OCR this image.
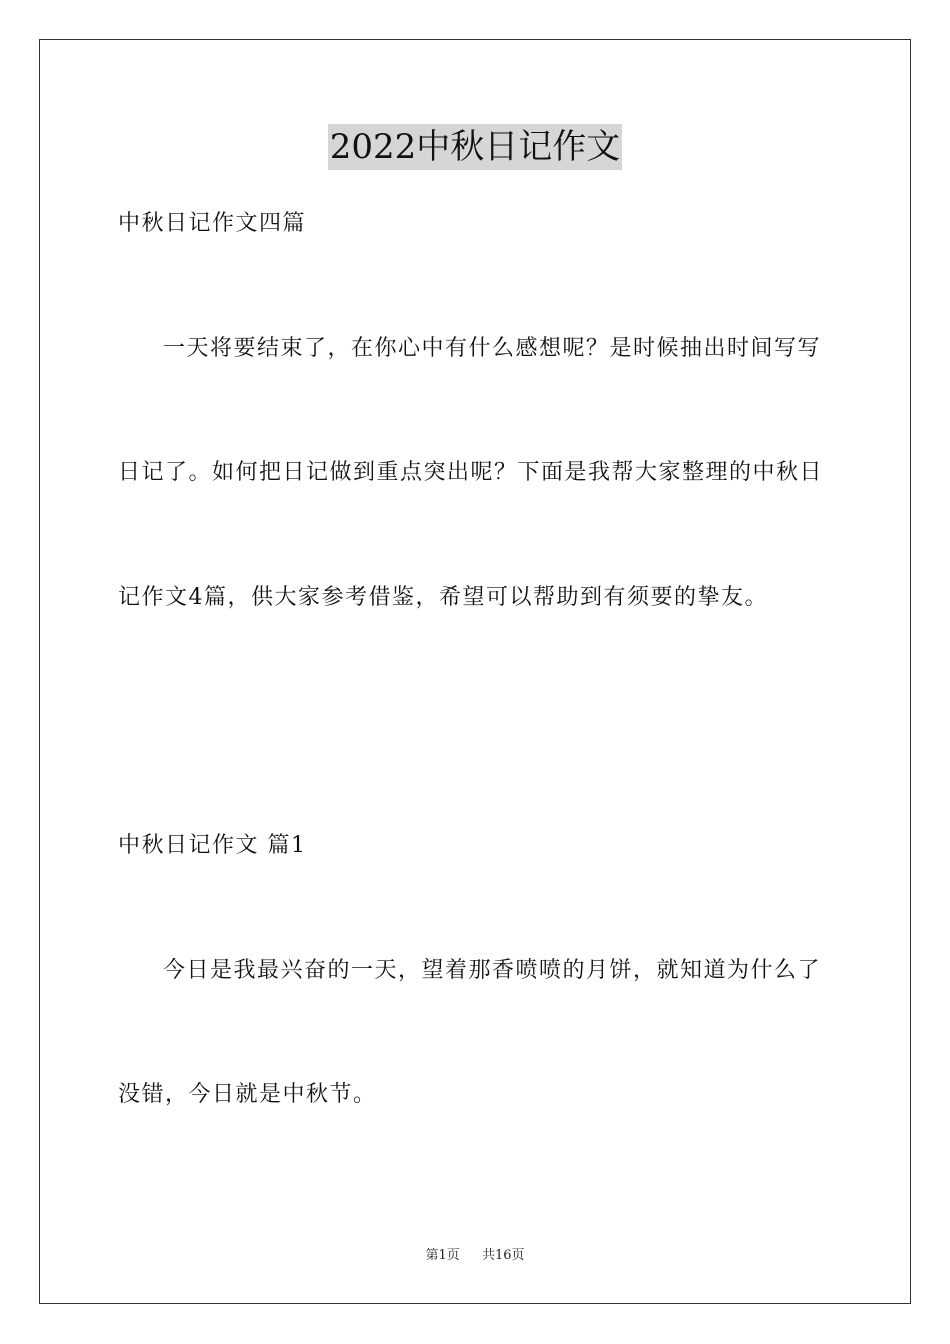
2022中秋日记作文
中秋日记作文四篇
一天将要结束了，在你心中有什么感想呢？是时候抽出时间写写
日记了。如何把日记做到重点突出呢？下面是我帮大家整理的中秋日
记作文4篇，供大家参考借鉴，希望可以帮助到有须要的挚友。
中秋日记作文 篇1
今日是我最兴奋的一天，望着那香喷喷的月饼，就知道为什么了
没错，今日就是中秋节。
第1页 共16页
